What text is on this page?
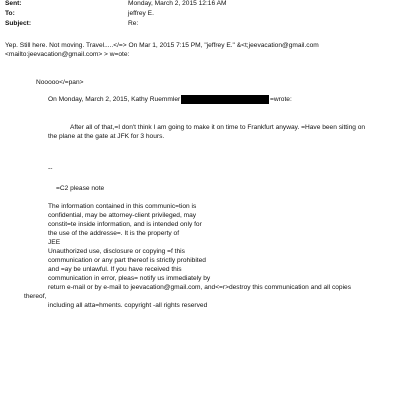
Sent:	Monday, March 2, 2015 12:16 AM
To:	jeffrey E.
Subject:	Re:
Yep. Still here. Not moving. Travel.....</=> On Mar 1, 2015 7:15 PM, "jeffrey E." &<t;jeevacation@gmail.com
<mailto:jeevacation@gmail.com> > w=ote:
Nooooo</=pan>
On Monday, March 2, 2015, Kathy Ruemmler	=wrote:
After all of that,=I don't think I am going to make it on time to Frankfurt anyway. =Have been sitting on
the plane at the gate at JFK for 3 hours.
--
=C2 please note
The information contained in this communic=tion is
confidential, may be attorney-client privileged, may
constit=te inside information, and is intended only for
the use of the addresse=. It is the property of
JEE
Unauthorized use, disclosure or copying =f this
communication or any part thereof is strictly prohibited
and =ay be unlawful. If you have received this
communication in error, pleas= notify us immediately by
return e-mail or by e-mail to jeevacation@gmail.com, and<=r>destroy this communication and all copies
thereof,
including all atta=hments. copyright -all rights reserved
